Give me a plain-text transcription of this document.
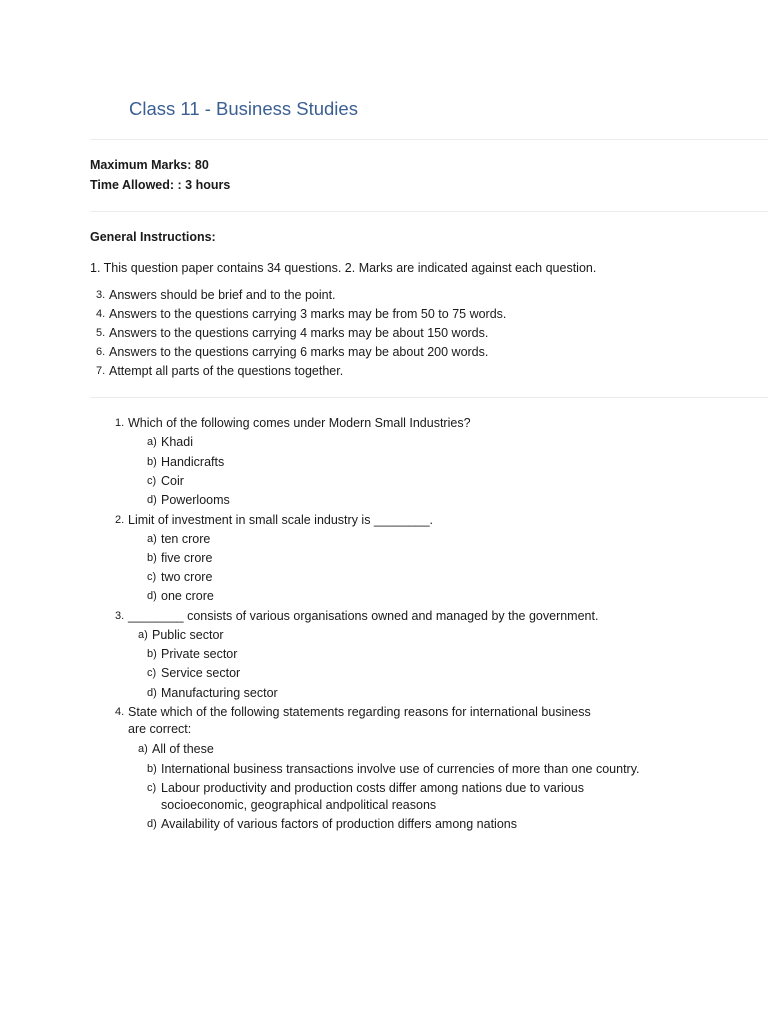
Class 11 - Business Studies
Maximum Marks: 80
Time Allowed: : 3 hours
General Instructions:
1. This question paper contains 34 questions. 2. Marks are indicated against each question.
3. Answers should be brief and to the point.
4. Answers to the questions carrying 3 marks may be from 50 to 75 words.
5. Answers to the questions carrying 4 marks may be about 150 words.
6. Answers to the questions carrying 6 marks may be about 200 words.
7. Attempt all parts of the questions together.
1. Which of the following comes under Modern Small Industries?
a) Khadi
b) Handicrafts
c) Coir
d) Powerlooms
2. Limit of investment in small scale industry is ________.
a) ten crore
b) five crore
c) two crore
d) one crore
3. ________ consists of various organisations owned and managed by the government.
a) Public sector
b) Private sector
c) Service sector
d) Manufacturing sector
4. State which of the following statements regarding reasons for international business
are correct:
a) All of these
b) International business transactions involve use of currencies of more than one country.
c) Labour productivity and production costs differ among nations due to various
socioeconomic, geographical andpolitical reasons
d) Availability of various factors of production differs among nations
